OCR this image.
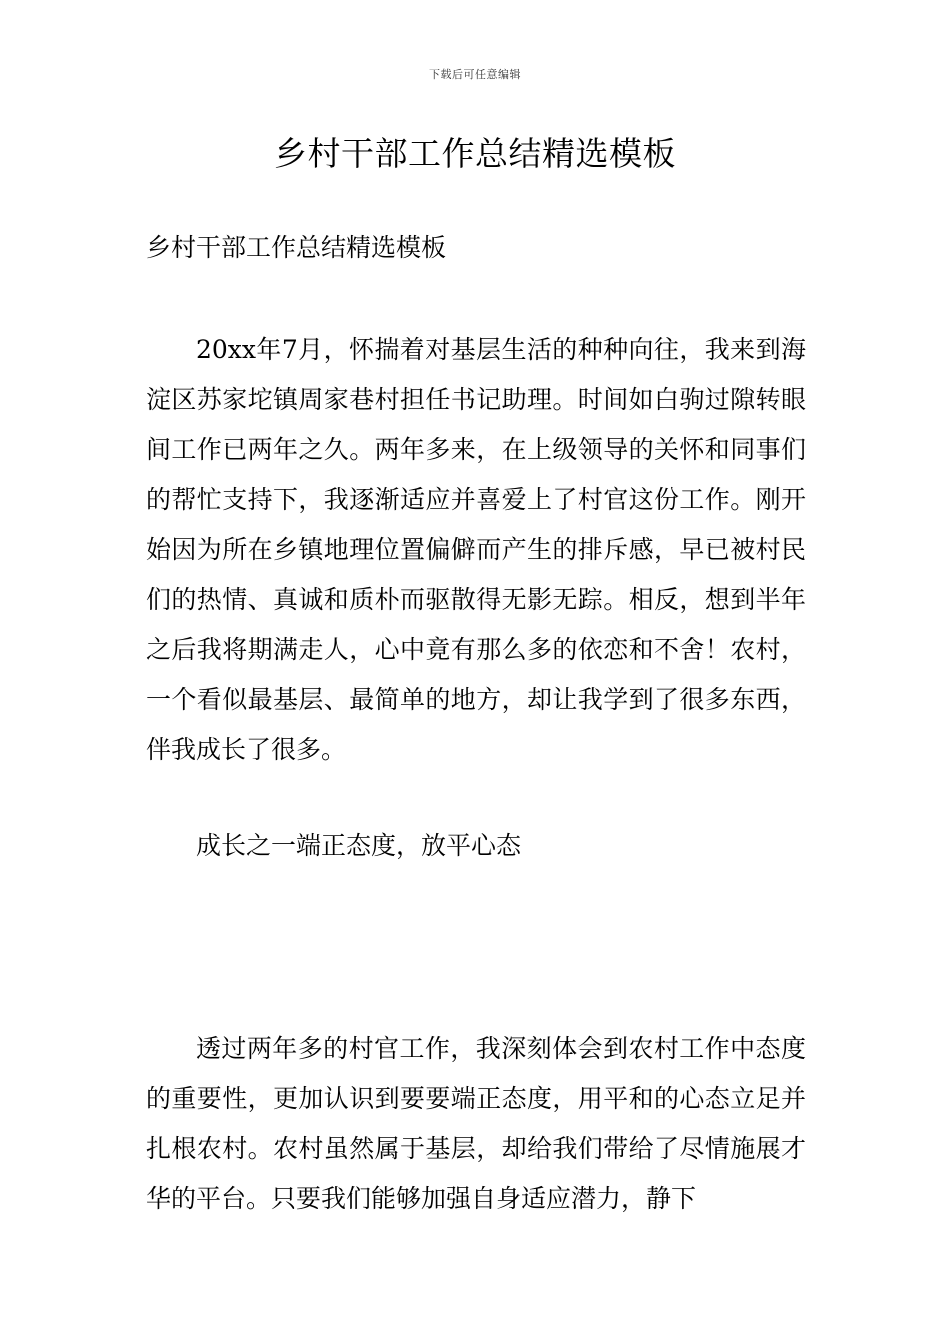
下载后可任意编辑
乡村干部工作总结精选模板
乡村干部工作总结精选模板

20xx年7月，怀揣着对基层生活的种种向往，我来到海淀区苏家坨镇周家巷村担任书记助理。时间如白驹过隙转眼间工作已两年之久。两年多来，在上级领导的关怀和同事们的帮忙支持下，我逐渐适应并喜爱上了村官这份工作。刚开始因为所在乡镇地理位置偏僻而产生的排斥感，早已被村民们的热情、真诚和质朴而驱散得无影无踪。相反，想到半年之后我将期满走人，心中竟有那么多的依恋和不舍！农村，一个看似最基层、最简单的地方，却让我学到了很多东西，伴我成长了很多。

成长之一端正态度，放平心态

透过两年多的村官工作，我深刻体会到农村工作中态度的重要性，更加认识到要要端正态度，用平和的心态立足并扎根农村。农村虽然属于基层，却给我们带给了尽情施展才华的平台。只要我们能够加强自身适应潜力，静下
